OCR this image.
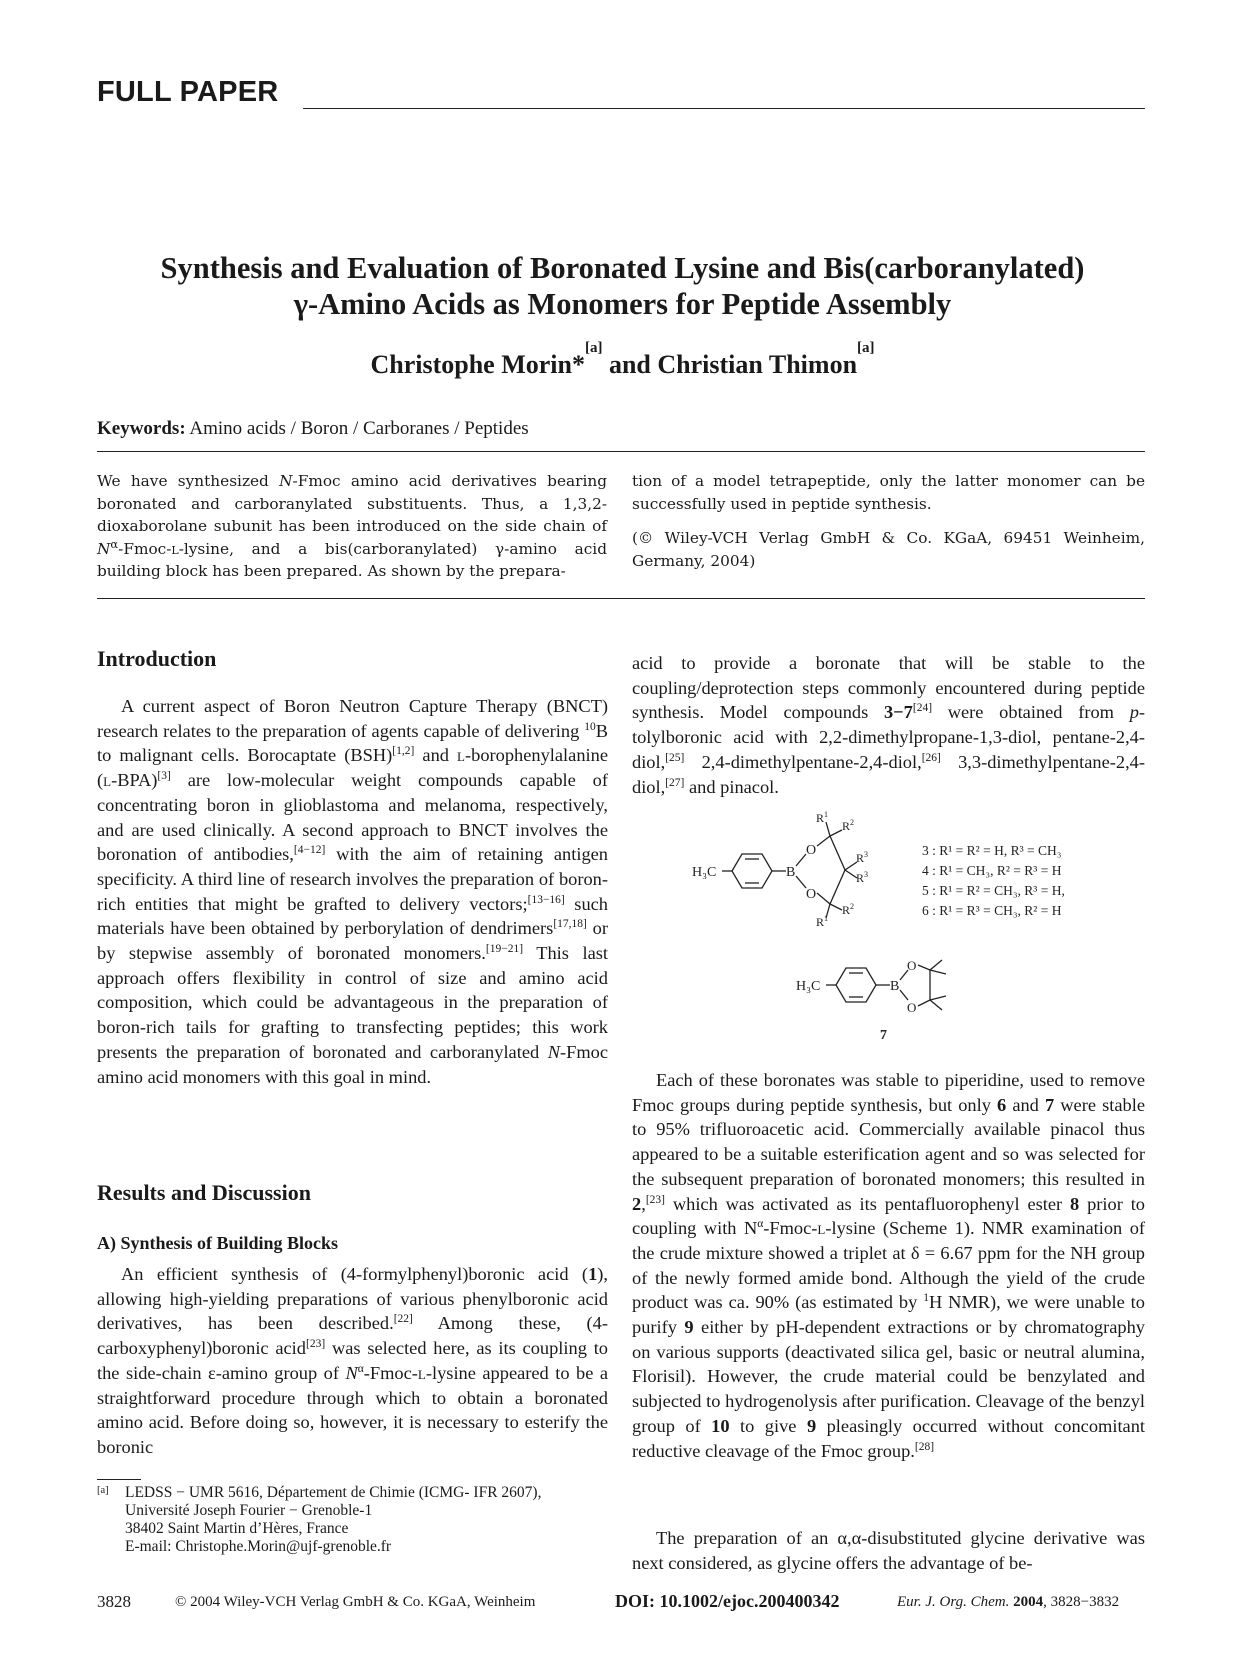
FULL PAPER
Synthesis and Evaluation of Boronated Lysine and Bis(carboranylated)
γ-Amino Acids as Monomers for Peptide Assembly
Christophe Morin*[a] and Christian Thimon[a]
Keywords: Amino acids / Boron / Carboranes / Peptides
We have synthesized N-Fmoc amino acid derivatives bearing boronated and carboranylated substituents. Thus, a 1,3,2-dioxaborolane subunit has been introduced on the side chain of $N^\alpha-Fmoc-l$-lysine, and a bis(carboranylated) γ-amino acid building block has been prepared. As shown by the prepara-
tion of a model tetrapeptide, only the latter monomer can be successfully used in peptide synthesis.
(© Wiley-VCH Verlag GmbH & Co. KGaA, 69451 Weinheim, Germany, 2004)
Introduction

A current aspect of Boron Neutron Capture Therapy (BNCT) research relates to the preparation of agents capable of delivering $^{10}$B to malignant cells. Borocaptate (BSH)[1,2] and l-borophenylalanine (l-BPA)[3] are low-molecular weight compounds capable of concentrating boron in glioblastoma and melanoma, respectively, and are used clinically. A second approach to BNCT involves the boronation of antibodies,[4−12] with the aim of retaining antigen specificity. A third line of research involves the preparation of boron-rich entities that might be grafted to delivery vectors;[13−16] such materials have been obtained by perborylation of dendrimers[17,18] or by stepwise assembly of boronated monomers.[19−21] This last approach offers flexibility in control of size and amino acid composition, which could be advantageous in the preparation of boron-rich tails for grafting to transfecting peptides; this work presents the preparation of boronated and carboranylated N-Fmoc amino acid monomers with this goal in mind.

Results and Discussion
A) Synthesis of Building Blocks

An efficient synthesis of (4-formylphenyl)boronic acid (1), allowing high-yielding preparations of various phenylboronic acid derivatives, has been described.[22] Among these, (4-carboxyphenyl)boronic acid[23] was selected here, as its coupling to the side-chain ε-amino group of $N^\alpha-Fmoc-l$-lysine appeared to be a straightforward procedure through which to obtain a boronated amino acid. Before doing so, however, it is necessary to esterify the boronic

[a] LEDSS − UMR 5616, Département de Chimie (ICMG- IFR 2607), Université Joseph Fourier − Grenoble-1
38402 Saint Martin d’Hères, France
E-mail: Christophe.Morin@ujf-grenoble.fr

acid to provide a boronate that will be stable to the coupling/deprotection steps commonly encountered during peptide synthesis. Model compounds 3−7[24] were obtained from p-tolylboronic acid with 2,2-dimethylpropane-1,3-diol, pentane-2,4-diol,[25] 2,4-dimethylpentane-2,4-diol,[26] 3,3-dimethylpentane-2,4-diol,[27] and pinacol.

H₃C	B
O
O
$R^1$
$R^2$
$R^3$
$R^3$
$R^2$
$R^1$
3 : R¹ = R² = H, R³ = CH₃
4 : R¹ = CH₃, R² = R³ = H
5 : R¹ = R² = CH₃, R³ = H,
6 : R¹ = R³ = CH₃, R² = H
H₃C	B
O
O
7

Each of these boronates was stable to piperidine, used to remove Fmoc groups during peptide synthesis, but only 6 and 7 were stable to 95% trifluoroacetic acid. Commercially available pinacol thus appeared to be a suitable esterification agent and so was selected for the subsequent preparation of boronated monomers; this resulted in 2,[23] which was activated as its pentafluorophenyl ester 8 prior to coupling with $N^\alpha-Fmoc-l$-lysine (Scheme 1). NMR examination of the crude mixture showed a triplet at δ = 6.67 ppm for the NH group of the newly formed amide bond. Although the yield of the crude product was ca. 90% (as estimated by $^1$H NMR), we were unable to purify 9 either by pH-dependent extractions or by chromatography on various supports (deactivated silica gel, basic or neutral alumina, Florisil). However, the crude material could be benzylated and subjected to hydrogenolysis after purification. Cleavage of the benzyl group of 10 to give 9 pleasingly occurred without concomitant reductive cleavage of the Fmoc group.[28]

The preparation of an α,α-disubstituted glycine derivative was next considered, as glycine offers the advantage of be-

3828	© 2004 Wiley-VCH Verlag GmbH & Co. KGaA, Weinheim	DOI: 10.1002/ejoc.200400342	Eur. J. Org. Chem. 2004, 3828−3832
